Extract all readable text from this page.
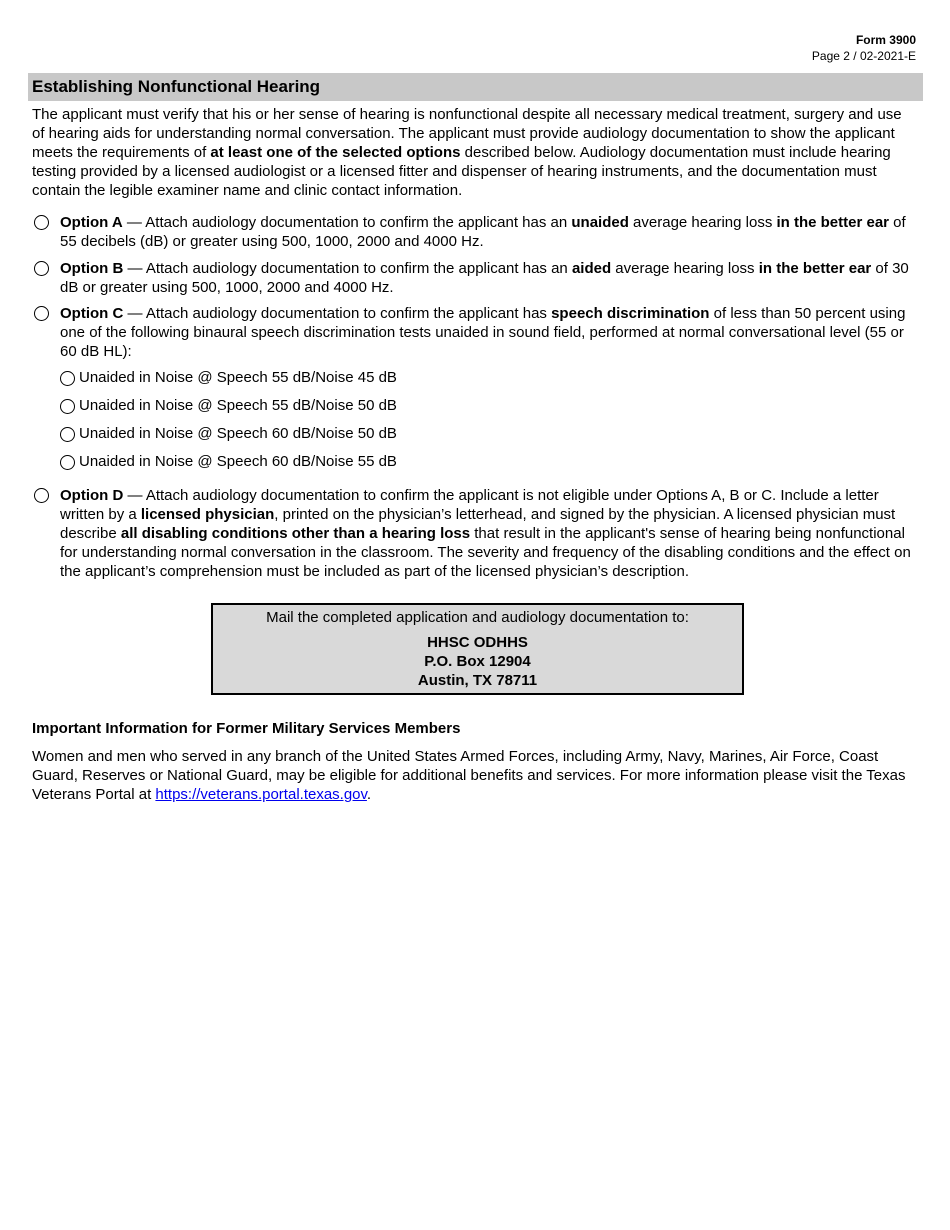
Form 3900
Page 2 / 02-2021-E
Establishing Nonfunctional Hearing

The applicant must verify that his or her sense of hearing is nonfunctional despite all necessary medical treatment, surgery and use of hearing aids for understanding normal conversation. The applicant must provide audiology documentation to show the applicant meets the requirements of at least one of the selected options described below. Audiology documentation must include hearing testing provided by a licensed audiologist or a licensed fitter and dispenser of hearing instruments, and the documentation must contain the legible examiner name and clinic contact information.

Option A — Attach audiology documentation to confirm the applicant has an unaided average hearing loss in the better ear of 55 decibels (dB) or greater using 500, 1000, 2000 and 4000 Hz.
Option B — Attach audiology documentation to confirm the applicant has an aided average hearing loss in the better ear of 30 dB or greater using 500, 1000, 2000 and 4000 Hz.
Option C — Attach audiology documentation to confirm the applicant has speech discrimination of less than 50 percent using one of the following binaural speech discrimination tests unaided in sound field, performed at normal conversational level (55 or 60 dB HL):
Unaided in Noise @ Speech 55 dB/Noise 45 dB
Unaided in Noise @ Speech 55 dB/Noise 50 dB
Unaided in Noise @ Speech 60 dB/Noise 50 dB
Unaided in Noise @ Speech 60 dB/Noise 55 dB
Option D — Attach audiology documentation to confirm the applicant is not eligible under Options A, B or C. Include a letter written by a licensed physician, printed on the physician’s letterhead, and signed by the physician. A licensed physician must describe all disabling conditions other than a hearing loss that result in the applicant's sense of hearing being nonfunctional for understanding normal conversation in the classroom. The severity and frequency of the disabling conditions and the effect on the applicant’s comprehension must be included as part of the licensed physician’s description.
Mail the completed application and audiology documentation to:
HHSC ODHHS
P.O. Box 12904
Austin, TX 78711
Important Information for Former Military Services Members

Women and men who served in any branch of the United States Armed Forces, including Army, Navy, Marines, Air Force, Coast Guard, Reserves or National Guard, may be eligible for additional benefits and services. For more information please visit the Texas Veterans Portal at https://veterans.portal.texas.gov.
